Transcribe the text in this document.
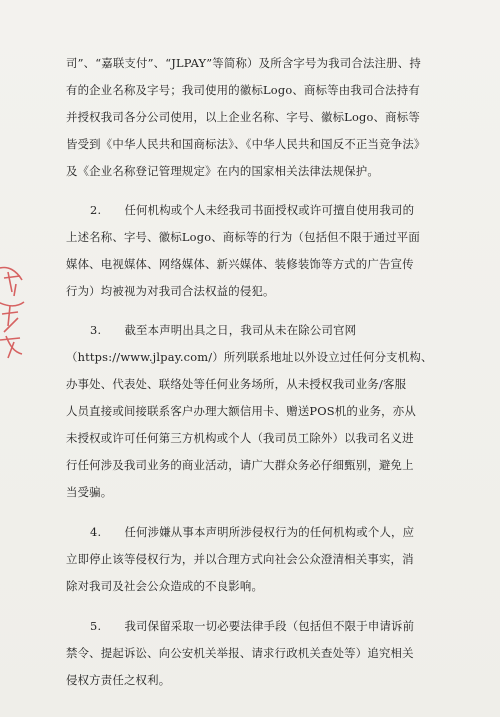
司”、“嘉联支付”、“JLPAY”等简称）及所含字号为我司合法注册、持
有的企业名称及字号；我司使用的徽标Logo、商标等由我司合法持有
并授权我司各分公司使用，以上企业名称、字号、徽标Logo、商标等
皆受到《中华人民共和国商标法》、《中华人民共和国反不正当竞争法》
及《企业名称登记管理规定》在内的国家相关法律法规保护。
2.　　任何机构或个人未经我司书面授权或许可擅自使用我司的
上述名称、字号、徽标Logo、商标等的行为（包括但不限于通过平面
媒体、电视媒体、网络媒体、新兴媒体、装修装饰等方式的广告宣传
行为）均被视为对我司合法权益的侵犯。
3.　　截至本声明出具之日，我司从未在除公司官网
（https://www.jlpay.com/）所列联系地址以外设立过任何分支机构、
办事处、代表处、联络处等任何业务场所，从未授权我司业务/客服
人员直接或间接联系客户办理大额信用卡、赠送POS机的业务，亦从
未授权或许可任何第三方机构或个人（我司员工除外）以我司名义进
行任何涉及我司业务的商业活动，请广大群众务必仔细甄别，避免上
当受骗。
4.　　任何涉嫌从事本声明所涉侵权行为的任何机构或个人，应
立即停止该等侵权行为，并以合理方式向社会公众澄清相关事实，消
除对我司及社会公众造成的不良影响。
5.　　我司保留采取一切必要法律手段（包括但不限于申请诉前
禁令、提起诉讼、向公安机关举报、请求行政机关查处等）追究相关
侵权方责任之权利。
